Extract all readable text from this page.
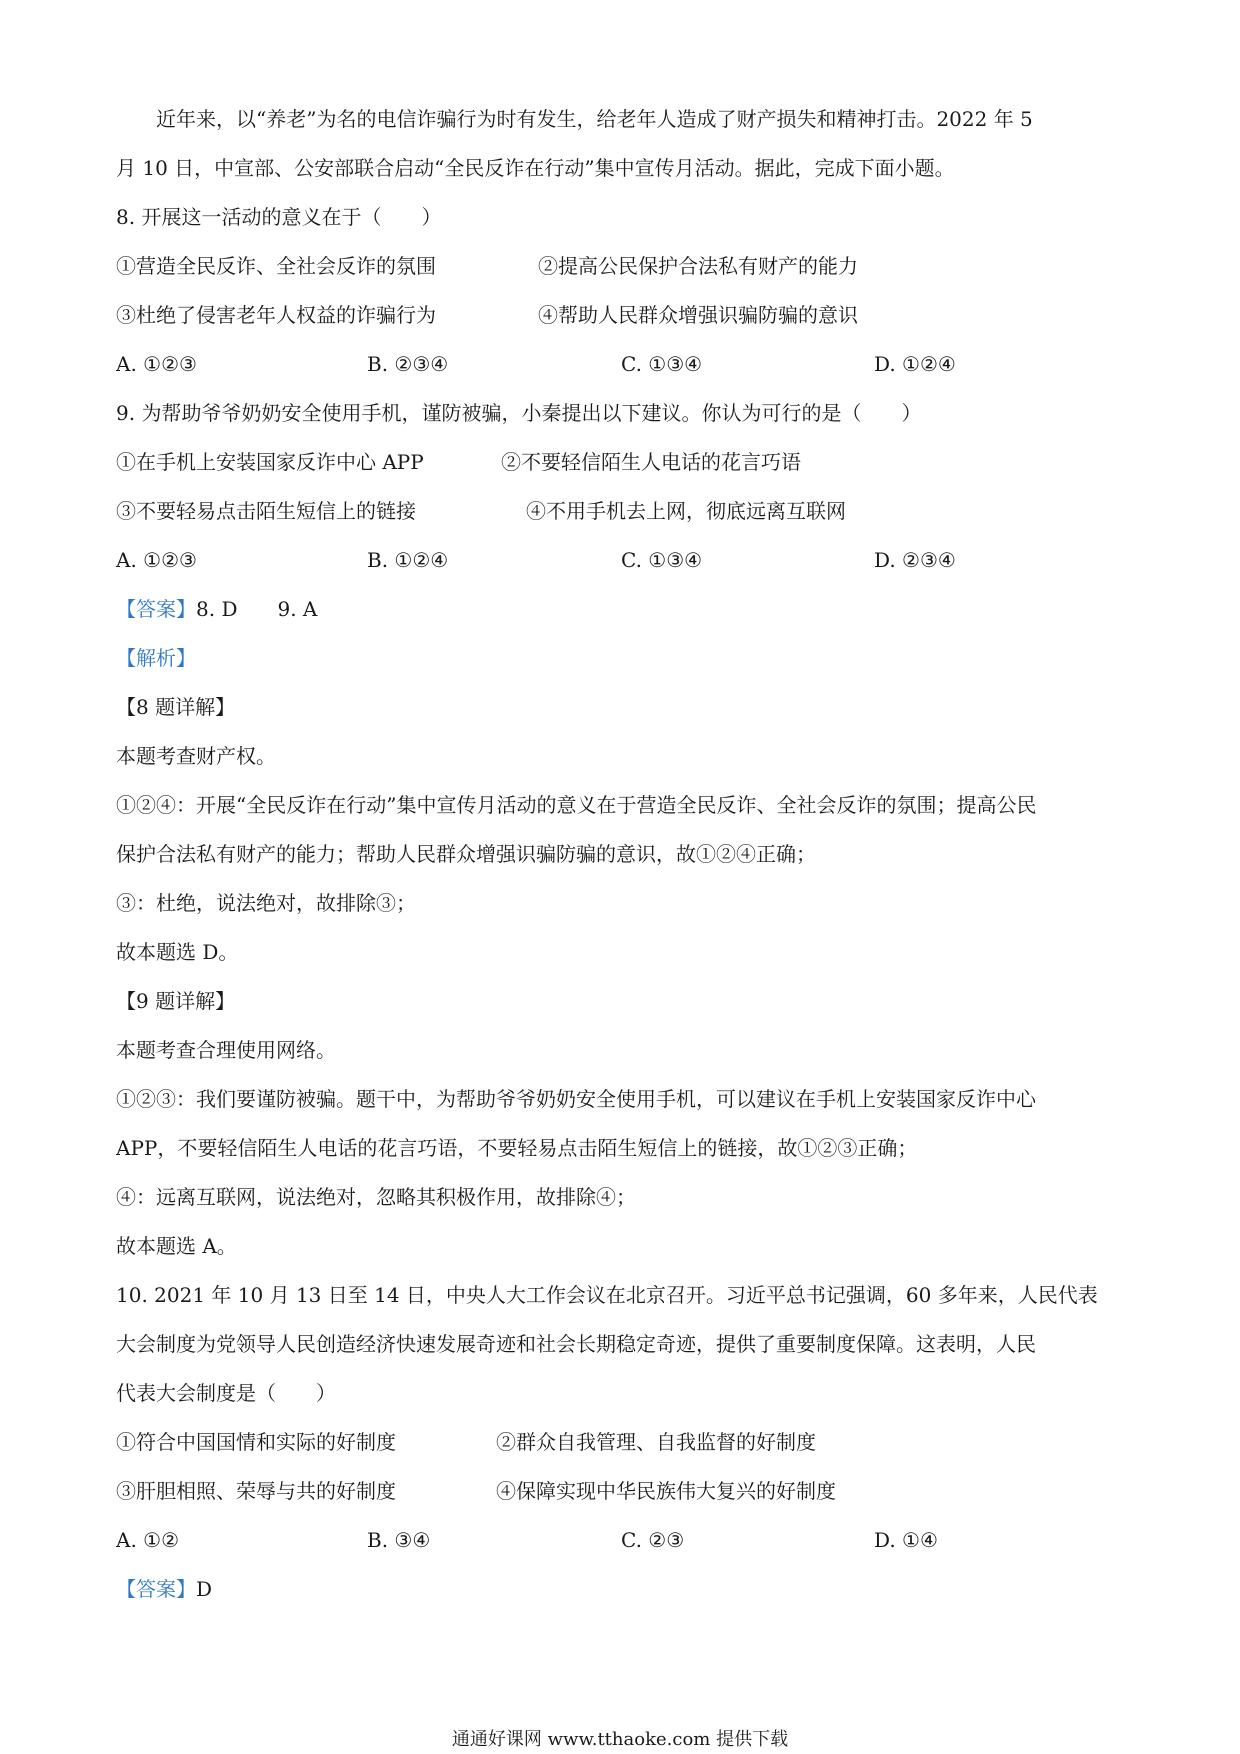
近年来，以“养老”为名的电信诈骗行为时有发生，给老年人造成了财产损失和精神打击。2022 年 5
月 10 日，中宣部、公安部联合启动“全民反诈在行动”集中宣传月活动。据此，完成下面小题。
8. 开展这一活动的意义在于（　　）
①营造全民反诈、全社会反诈的氛围	②提高公民保护合法私有财产的能力
③杜绝了侵害老年人权益的诈骗行为	④帮助人民群众增强识骗防骗的意识
A. ①②③	B. ②③④	C. ①③④	D. ①②④
9. 为帮助爷爷奶奶安全使用手机，谨防被骗，小秦提出以下建议。你认为可行的是（　　）
①在手机上安装国家反诈中心 APP	②不要轻信陌生人电话的花言巧语
③不要轻易点击陌生短信上的链接	④不用手机去上网，彻底远离互联网
A. ①②③	B. ①②④	C. ①③④	D. ②③④
【答案】8. D　　9. A
【解析】
【8 题详解】
本题考查财产权。
①②④：开展“全民反诈在行动”集中宣传月活动的意义在于营造全民反诈、全社会反诈的氛围；提高公民
保护合法私有财产的能力；帮助人民群众增强识骗防骗的意识，故①②④正确；
③：杜绝，说法绝对，故排除③；
故本题选 D。
【9 题详解】
本题考查合理使用网络。
①②③：我们要谨防被骗。题干中，为帮助爷爷奶奶安全使用手机，可以建议在手机上安装国家反诈中心
APP，不要轻信陌生人电话的花言巧语，不要轻易点击陌生短信上的链接，故①②③正确；
④：远离互联网，说法绝对，忽略其积极作用，故排除④；
故本题选 A。
10. 2021 年 10 月 13 日至 14 日，中央人大工作会议在北京召开。习近平总书记强调，60 多年来，人民代表
大会制度为党领导人民创造经济快速发展奇迹和社会长期稳定奇迹，提供了重要制度保障。这表明，人民
代表大会制度是（　　）
①符合中国国情和实际的好制度	②群众自我管理、自我监督的好制度
③肝胆相照、荣辱与共的好制度	④保障实现中华民族伟大复兴的好制度
A. ①②	B. ③④	C. ②③	D. ①④
【答案】D
通通好课网 www.tthaoke.com 提供下载
